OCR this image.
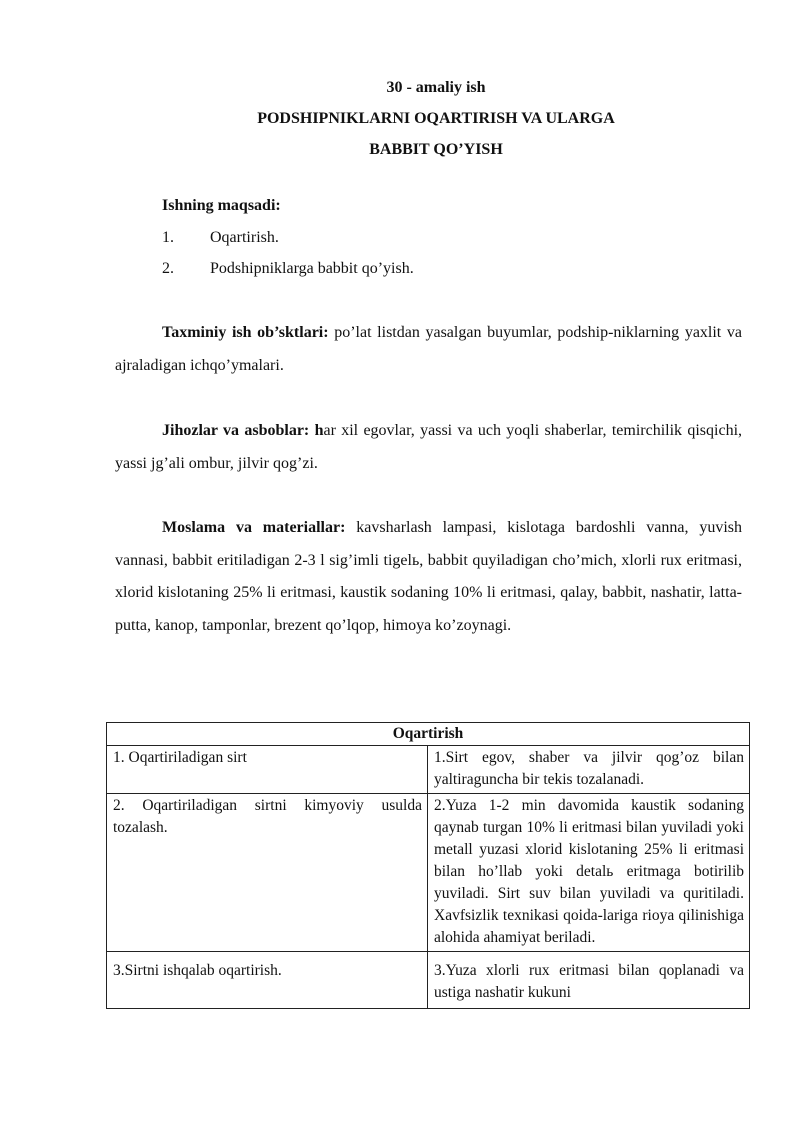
30 - amaliy ish
PODSHIPNIKLARNI OQARTIRISH VA ULARGA
BABBIT QO’YISH
Ishning maqsadi:
1. Oqartirish.
2. Podshipniklarga babbit qo’yish.
Taxminiy ish ob’sktlari: po’lat listdan yasalgan buyumlar, podship-niklarning yaxlit va ajraladigan ichqo’ymalari.
Jihozlar va asboblar: har xil egovlar, yassi va uch yoqli shaberlar, temirchilik qisqichi, yassi jg’ali ombur, jilvir qog’zi.
Moslama va materiallar: kavsharlash lampasi, kislotaga bardoshli vanna, yuvish vannasi, babbit eritiladigan 2-3 l sig’imli tigelь, babbit quyiladigan cho’mich, xlorli rux eritmasi, xlorid kislotaning 25% li eritmasi, kaustik sodaning 10% li eritmasi, qalay, babbit, nashatir, latta-putta, kanop, tamponlar, brezent qo’lqop, himoya ko’zoynagi.
Oqartirish	
1. Oqartiriladigan sirt	1.Sirt egov, shaber va jilvir qog’oz bilan yaltiraguncha bir tekis tozalanadi.
2. Oqartiriladigan sirtni kimyoviy usulda tozalash.	2.Yuza 1-2 min davomida kaustik sodaning qaynab turgan 10% li eritmasi bilan yuviladi yoki metall yuzasi xlorid kislotaning 25% li eritmasi bilan ho’llab yoki detalь eritmaga botirilib yuviladi. Sirt suv bilan yuviladi va quritiladi. Xavfsizlik texnikasi qoida-lariga rioya qilinishiga alohida ahamiyat beriladi.
3.Sirtni ishqalab oqartirish.	3.Yuza xlorli rux eritmasi bilan qoplanadi va ustiga nashatir kukuni
